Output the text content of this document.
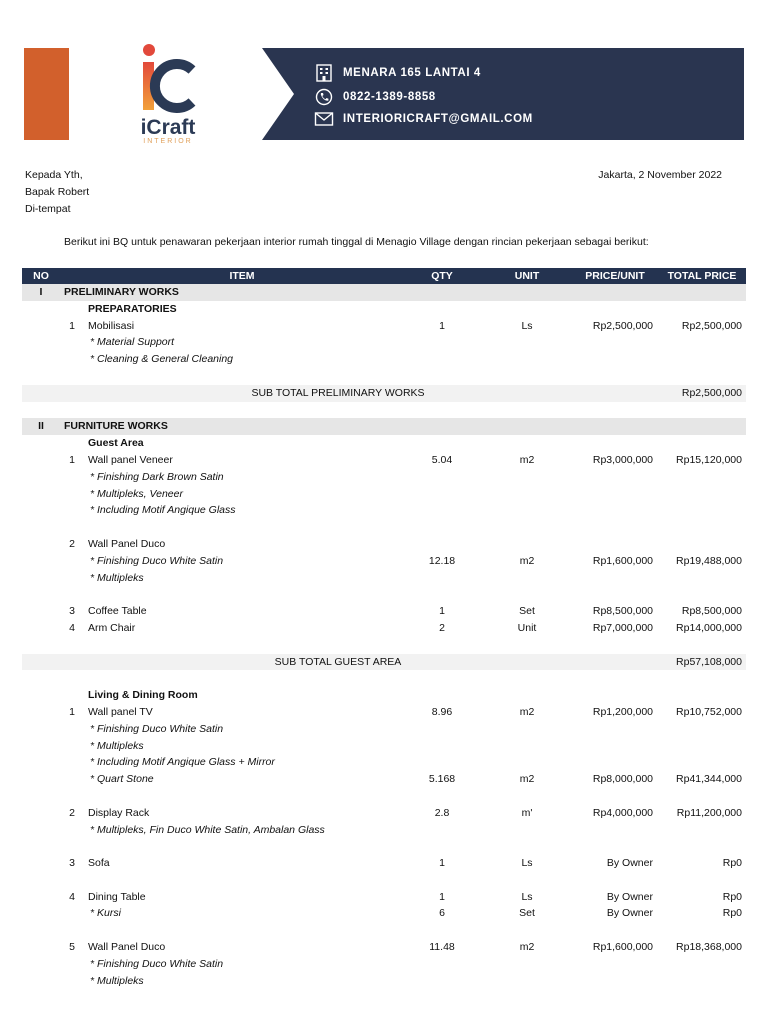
iCraft
INTERIOR
MENARA 165 LANTAI 4
0822-1389-8858
INTERIORICRAFT@GMAIL.COM
Kepada Yth,
Bapak Robert
Di-tempat
Jakarta, 2 November 2022
Berikut ini BQ untuk penawaran pekerjaan interior rumah tinggal di Menagio Village dengan rincian pekerjaan sebagai berikut:
NO	ITEM	QTY	UNIT	PRICE/UNIT	TOTAL PRICE
I	PRELIMINARY WORKS
PREPARATORIES
1	Mobilisasi	1	Ls	Rp2,500,000	Rp2,500,000
* Material Support
* Cleaning & General Cleaning
SUB TOTAL PRELIMINARY WORKS	Rp2,500,000
II	FURNITURE WORKS
Guest Area
1	Wall panel Veneer	5.04	m2	Rp3,000,000	Rp15,120,000
* Finishing Dark Brown Satin
* Multipleks, Veneer
* Including Motif Angique Glass
2	Wall Panel Duco
* Finishing Duco White Satin	12.18	m2	Rp1,600,000	Rp19,488,000
* Multipleks
3	Coffee Table	1	Set	Rp8,500,000	Rp8,500,000
4	Arm Chair	2	Unit	Rp7,000,000	Rp14,000,000
SUB TOTAL GUEST AREA	Rp57,108,000
Living & Dining Room
1	Wall panel TV	8.96	m2	Rp1,200,000	Rp10,752,000
* Finishing Duco White Satin
* Multipleks
* Including Motif Angique Glass + Mirror
* Quart Stone	5.168	m2	Rp8,000,000	Rp41,344,000
2	Display Rack	2.8	m'	Rp4,000,000	Rp11,200,000
* Multipleks, Fin Duco White Satin, Ambalan Glass
3	Sofa	1	Ls	By Owner	Rp0
4	Dining Table	1	Ls	By Owner	Rp0
* Kursi	6	Set	By Owner	Rp0
5	Wall Panel Duco	11.48	m2	Rp1,600,000	Rp18,368,000
* Finishing Duco White Satin
* Multipleks
